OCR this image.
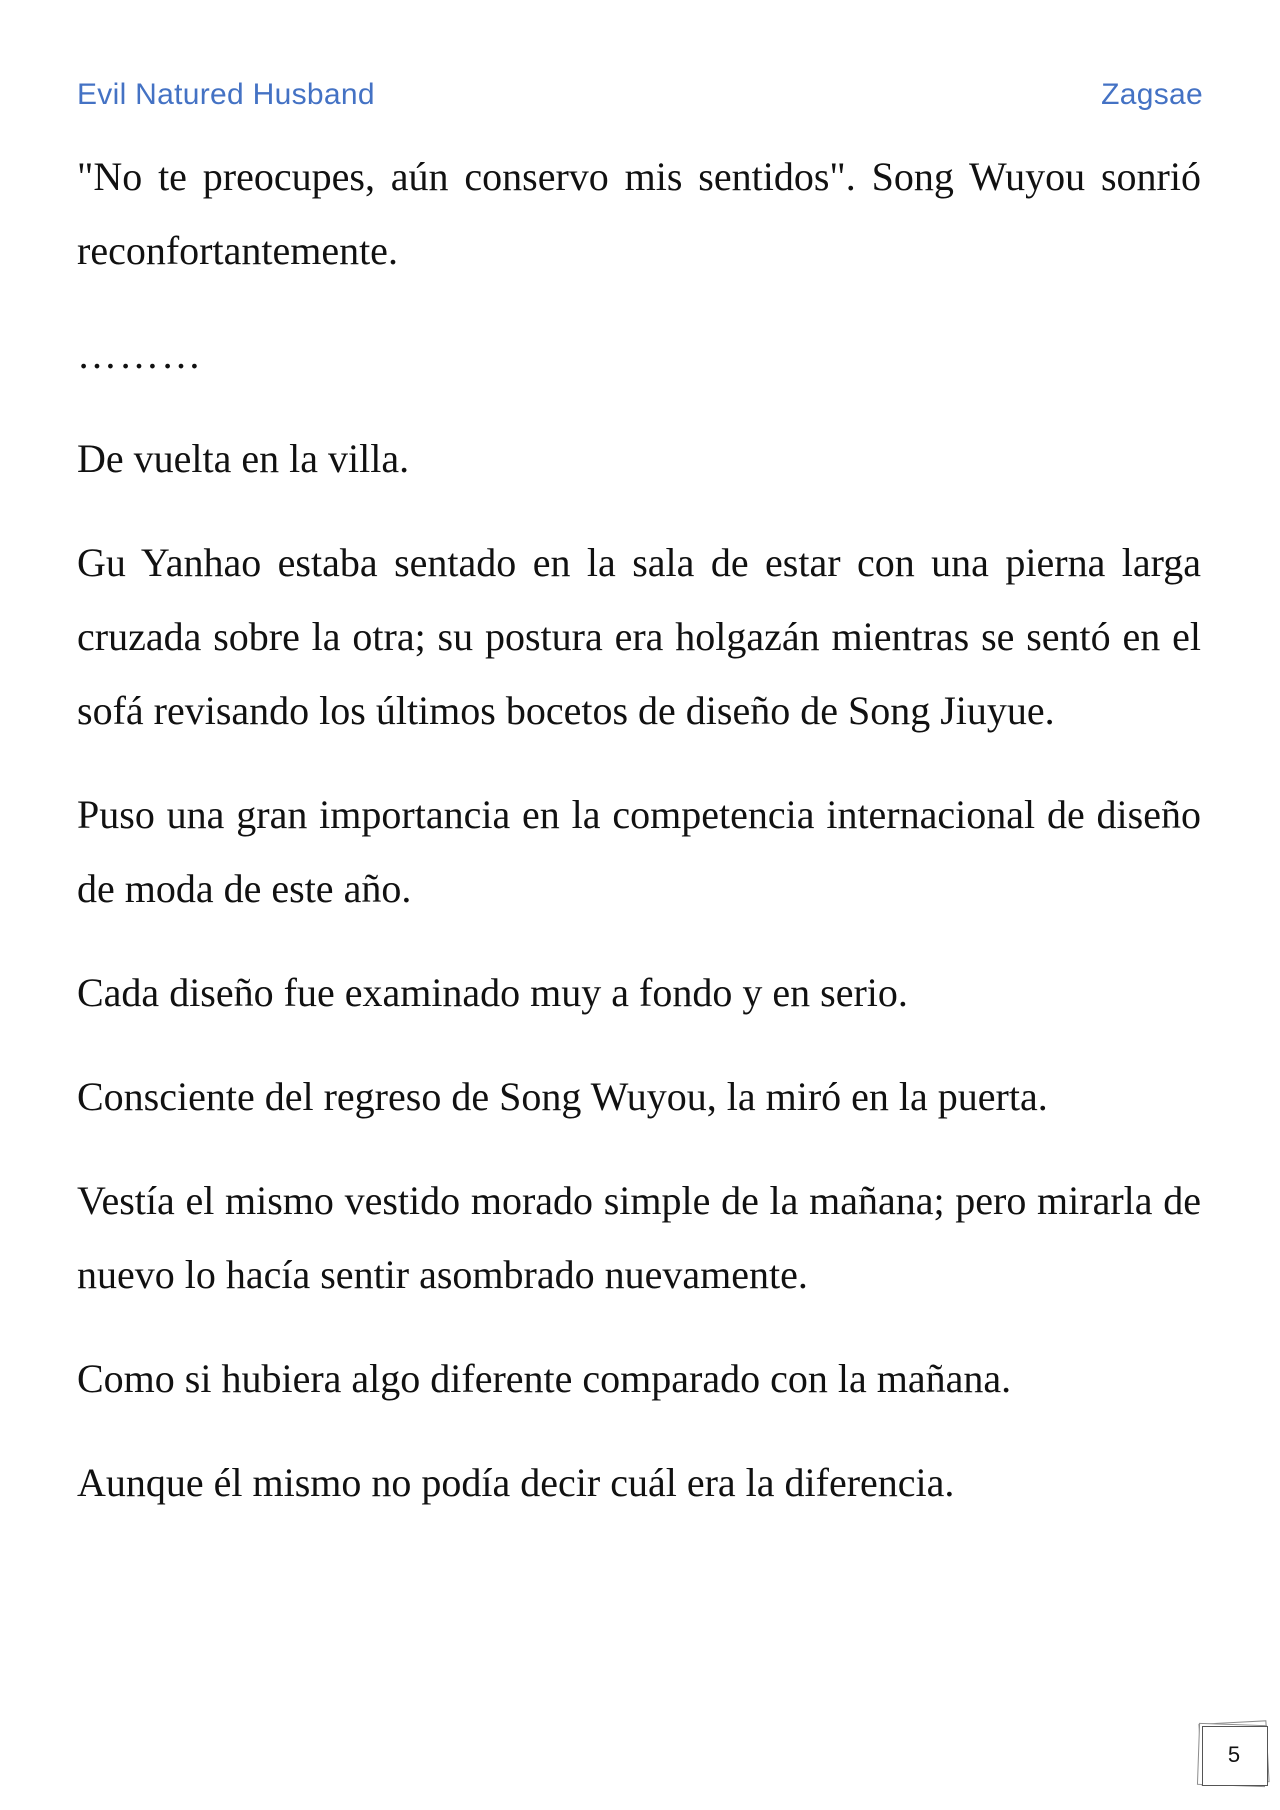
Evil Natured Husband	Zagsae

"No te preocupes, aún conservo mis sentidos". Song Wuyou sonrió reconfortantemente.

………

De vuelta en la villa.

Gu Yanhao estaba sentado en la sala de estar con una pierna larga cruzada sobre la otra; su postura era holgazán mientras se sentó en el sofá revisando los últimos bocetos de diseño de Song Jiuyue.

Puso una gran importancia en la competencia internacional de diseño de moda de este año.

Cada diseño fue examinado muy a fondo y en serio.

Consciente del regreso de Song Wuyou, la miró en la puerta.

Vestía el mismo vestido morado simple de la mañana; pero mirarla de nuevo lo hacía sentir asombrado nuevamente.

Como si hubiera algo diferente comparado con la mañana.

Aunque él mismo no podía decir cuál era la diferencia.

5
